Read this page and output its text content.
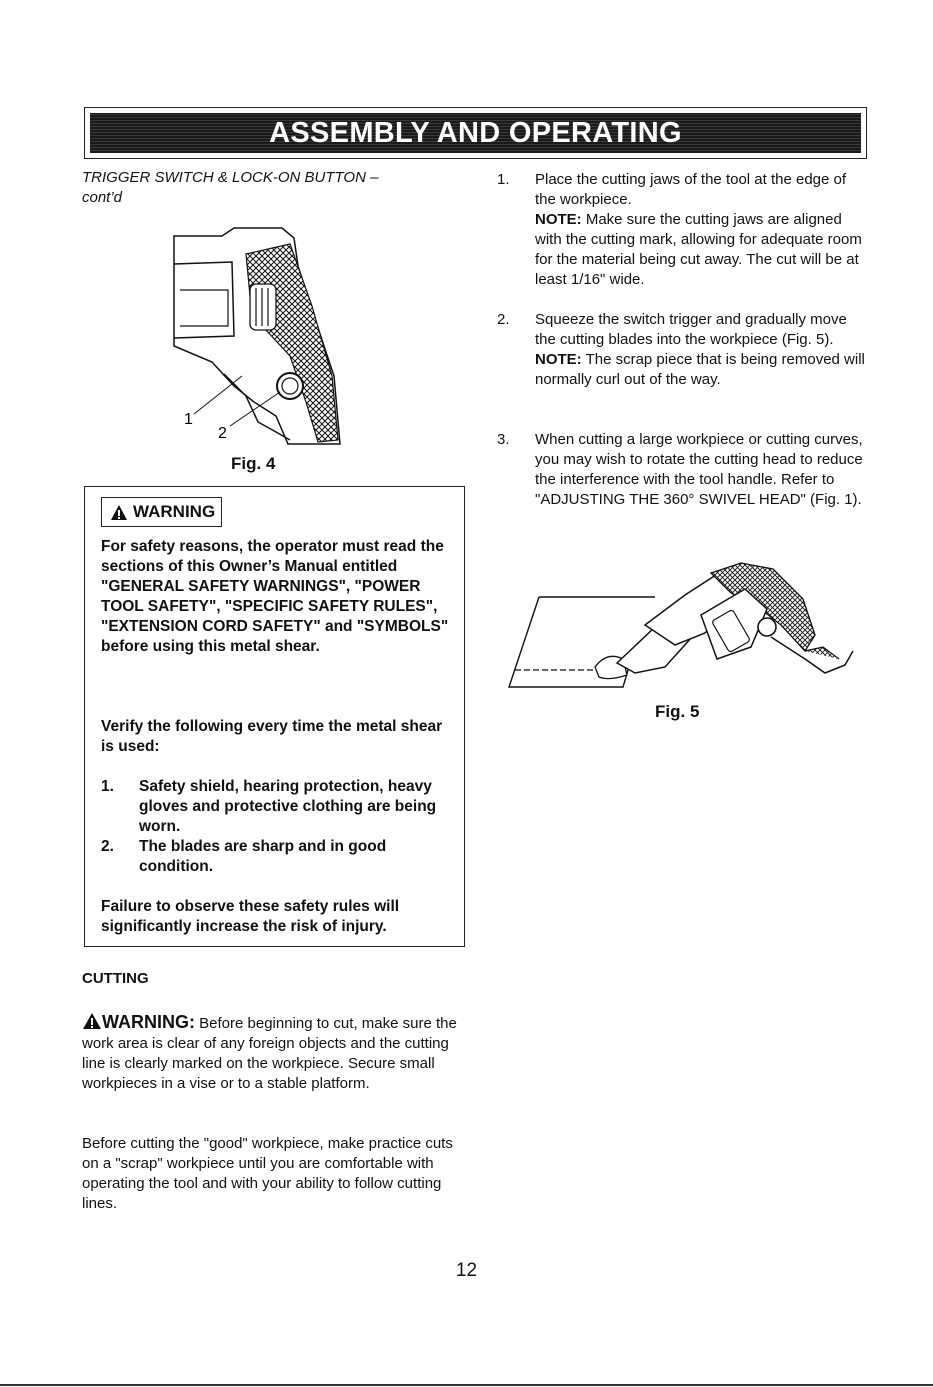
ASSEMBLY AND OPERATING
TRIGGER SWITCH & LOCK-ON BUTTON –
cont’d
1
2
Fig. 4
WARNING
For safety reasons, the operator must read the sections of this Owner’s Manual entitled "GENERAL SAFETY WARNINGS", "POWER TOOL SAFETY", "SPECIFIC SAFETY RULES", "EXTENSION CORD SAFETY" and "SYMBOLS" before using this metal shear.
Verify the following every time the metal shear is used:
1.	Safety shield, hearing protection, heavy gloves and protective clothing are being worn.
2.	The blades are sharp and in good condition.
Failure to observe these safety rules will significantly increase the risk of injury.
CUTTING
WARNING: Before beginning to cut, make sure the work area is clear of any foreign objects and the cutting line is clearly marked on the workpiece. Secure small workpieces in a vise or to a stable platform.
Before cutting the "good" workpiece, make practice cuts on a "scrap" workpiece until you are comfortable with operating the tool and with your ability to follow cutting lines.
1.	Place the cutting jaws of the tool at the edge of the workpiece.
NOTE: Make sure the cutting jaws are aligned with the cutting mark, allowing for adequate room for the material being cut away. The cut will be at least 1/16" wide.
2.	Squeeze the switch trigger and gradually move the cutting blades into the workpiece (Fig. 5).
NOTE: The scrap piece that is being removed will normally curl out of the way.
3.	When cutting a large workpiece or cutting curves, you may wish to rotate the cutting head to reduce the interference with the tool handle. Refer to "ADJUSTING THE 360° SWIVEL HEAD" (Fig. 1).
Fig. 5
12
